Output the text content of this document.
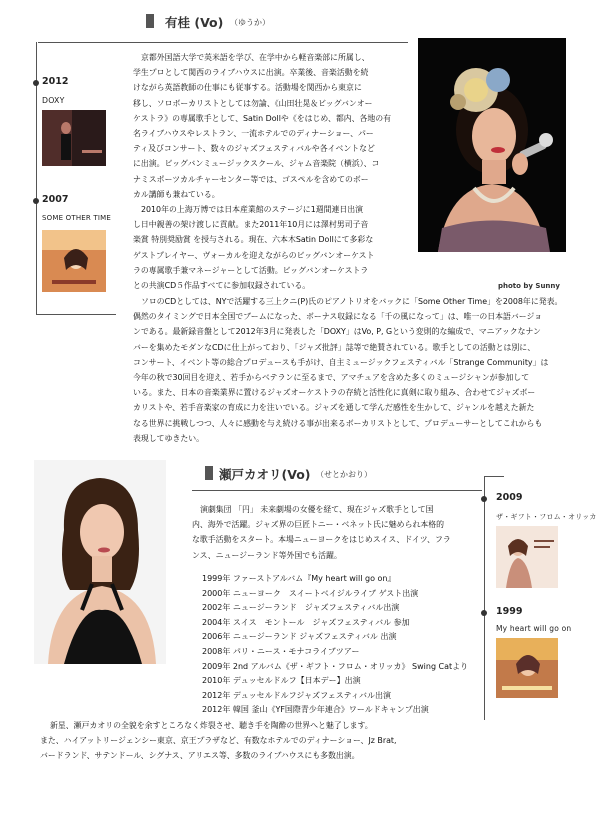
有桂 (Vo) （ゆうか）
2012
DOXY
2007
SOME OTHER TIME

京都外国語大学で英米語を学び、在学中から軽音楽部に所属し、

学生プロとして関西のライブハウスに出演。卒業後、音楽活動を続

けながら英語教師の仕事にも従事する。活動場を関西から東京に

移し、ソロボーカリストとしては勿論、《山田壮晃＆ビッグバンオー

ケストラ》の専属歌手として、Satin Dollや《をはじめ、都内、各地の有

名ライブハウスやレストラン、一流ホテルでのディナーショー、パー

ティ及びコンサート、数々のジャズフェスティバルや各イベントなど

に出演。ビッグバンミュージックスクール、ジャム音楽院（横浜）、コ

ナミスポーツカルチャーセンター等では、ゴスペルを含めてのボー

カル講師も兼ねている。

2010年の上海万博では日本産業館のステージに1週間連日出演

し日中親善の架け渡しに貢献。また2011年10月には澤村男司子音

楽賞 特別奨励賞 を授与される。現在、六本木Satin Dollにて多彩な

ゲストプレイヤー、ヴォーカルを迎えながらのビッグバンオーケスト

ラの専属歌手兼マネージャーとして活動。ビッグバンオーケストラ

との共演CD５作品すべてに参加収録されている。	photo by Sunny

ソロのCDとしては、NYで活躍する三上クニ(P)氏のピアノトリオをバックに「Some Other Time」を2008年に発表。

偶然のタイミングで日本全国でブームになった、ボーナス収録になる「千の風になって」は、唯一の日本語バージョ

ンである。最新録音盤として2012年3月に発表した「DOXY」はVo, P, Gという変則的な編成で、マニアックなナン

バーを集めたモダンなCDに仕上がっており、「ジャズ批評」誌等で絶賛されている。歌手としての活動とは別に、

コンサート、イベント等の総合プロデュースも手がけ、自主ミュージックフェスティバル「Strange Community」は

今年の秋で30回目を迎え、若手からベテランに至るまで、アマチュアを含めた多くのミュージシャンが参加して

いる。また、日本の音楽業界に置けるジャズオーケストラの存続と活性化に真剣に取り組み、合わせてジャズボー

カリストや、若手音楽家の育成に力を注いでいる。ジャズを通して学んだ感性を生かして、ジャンルを越えた新た

なる世界に挑戦しつつ、人々に感動を与え続ける事が出来るボーカリストとして、プロデューサーとしてこれからも

表現してゆきたい。

瀬戸カオリ(Vo) （せとかおり）

演劇集団 「円」 未来劇場の女優を経て、現在ジャズ歌手として国

内、海外で活躍。ジャズ界の巨匠トニー・ベネット氏に魅められ本格的

な歌手活動をスタート。本場ニューヨークをはじめスイス、ドイツ、フラ

ンス、ニュージーランド等外国でも活躍。

1999年 ファーストアルバム『My heart will go on』

2000年 ニューヨーク　スイートベイジルライブ ゲスト出演

2002年 ニュージーランド　ジャズフェスティバル出演

2004年 スイス　モントール　ジャズフェスティバル 参加

2006年 ニュージーランド ジャズフェスティバル 出演

2008年 パリ・ニース・モナコライブツアー

2009年 2nd アルバム《ザ・ギフト・フロム・オリッカ》 Swing Catより

2010年 デュッセルドルフ【日本デー】出演

2012年 デュッセルドルフジャズフェスティバル出演

2012年 韓国 釜山《YF国際青少年連合》ワールドキャンプ出演

2009
ザ・ギフト・フロム・オリッカ
1999
My heart will go on

新星、瀬戸カオリの全貌を余すところなく炸裂させ、聴き手を陶酔の世界へと魅了します。

また、ハイアットリージェンシー東京、京王プラザなど、有数なホテルでのディナーショー、Jz Brat,

バードランド、サテンドール、シグナス、アリエス等、多数のライブハウスにも多数出演。
